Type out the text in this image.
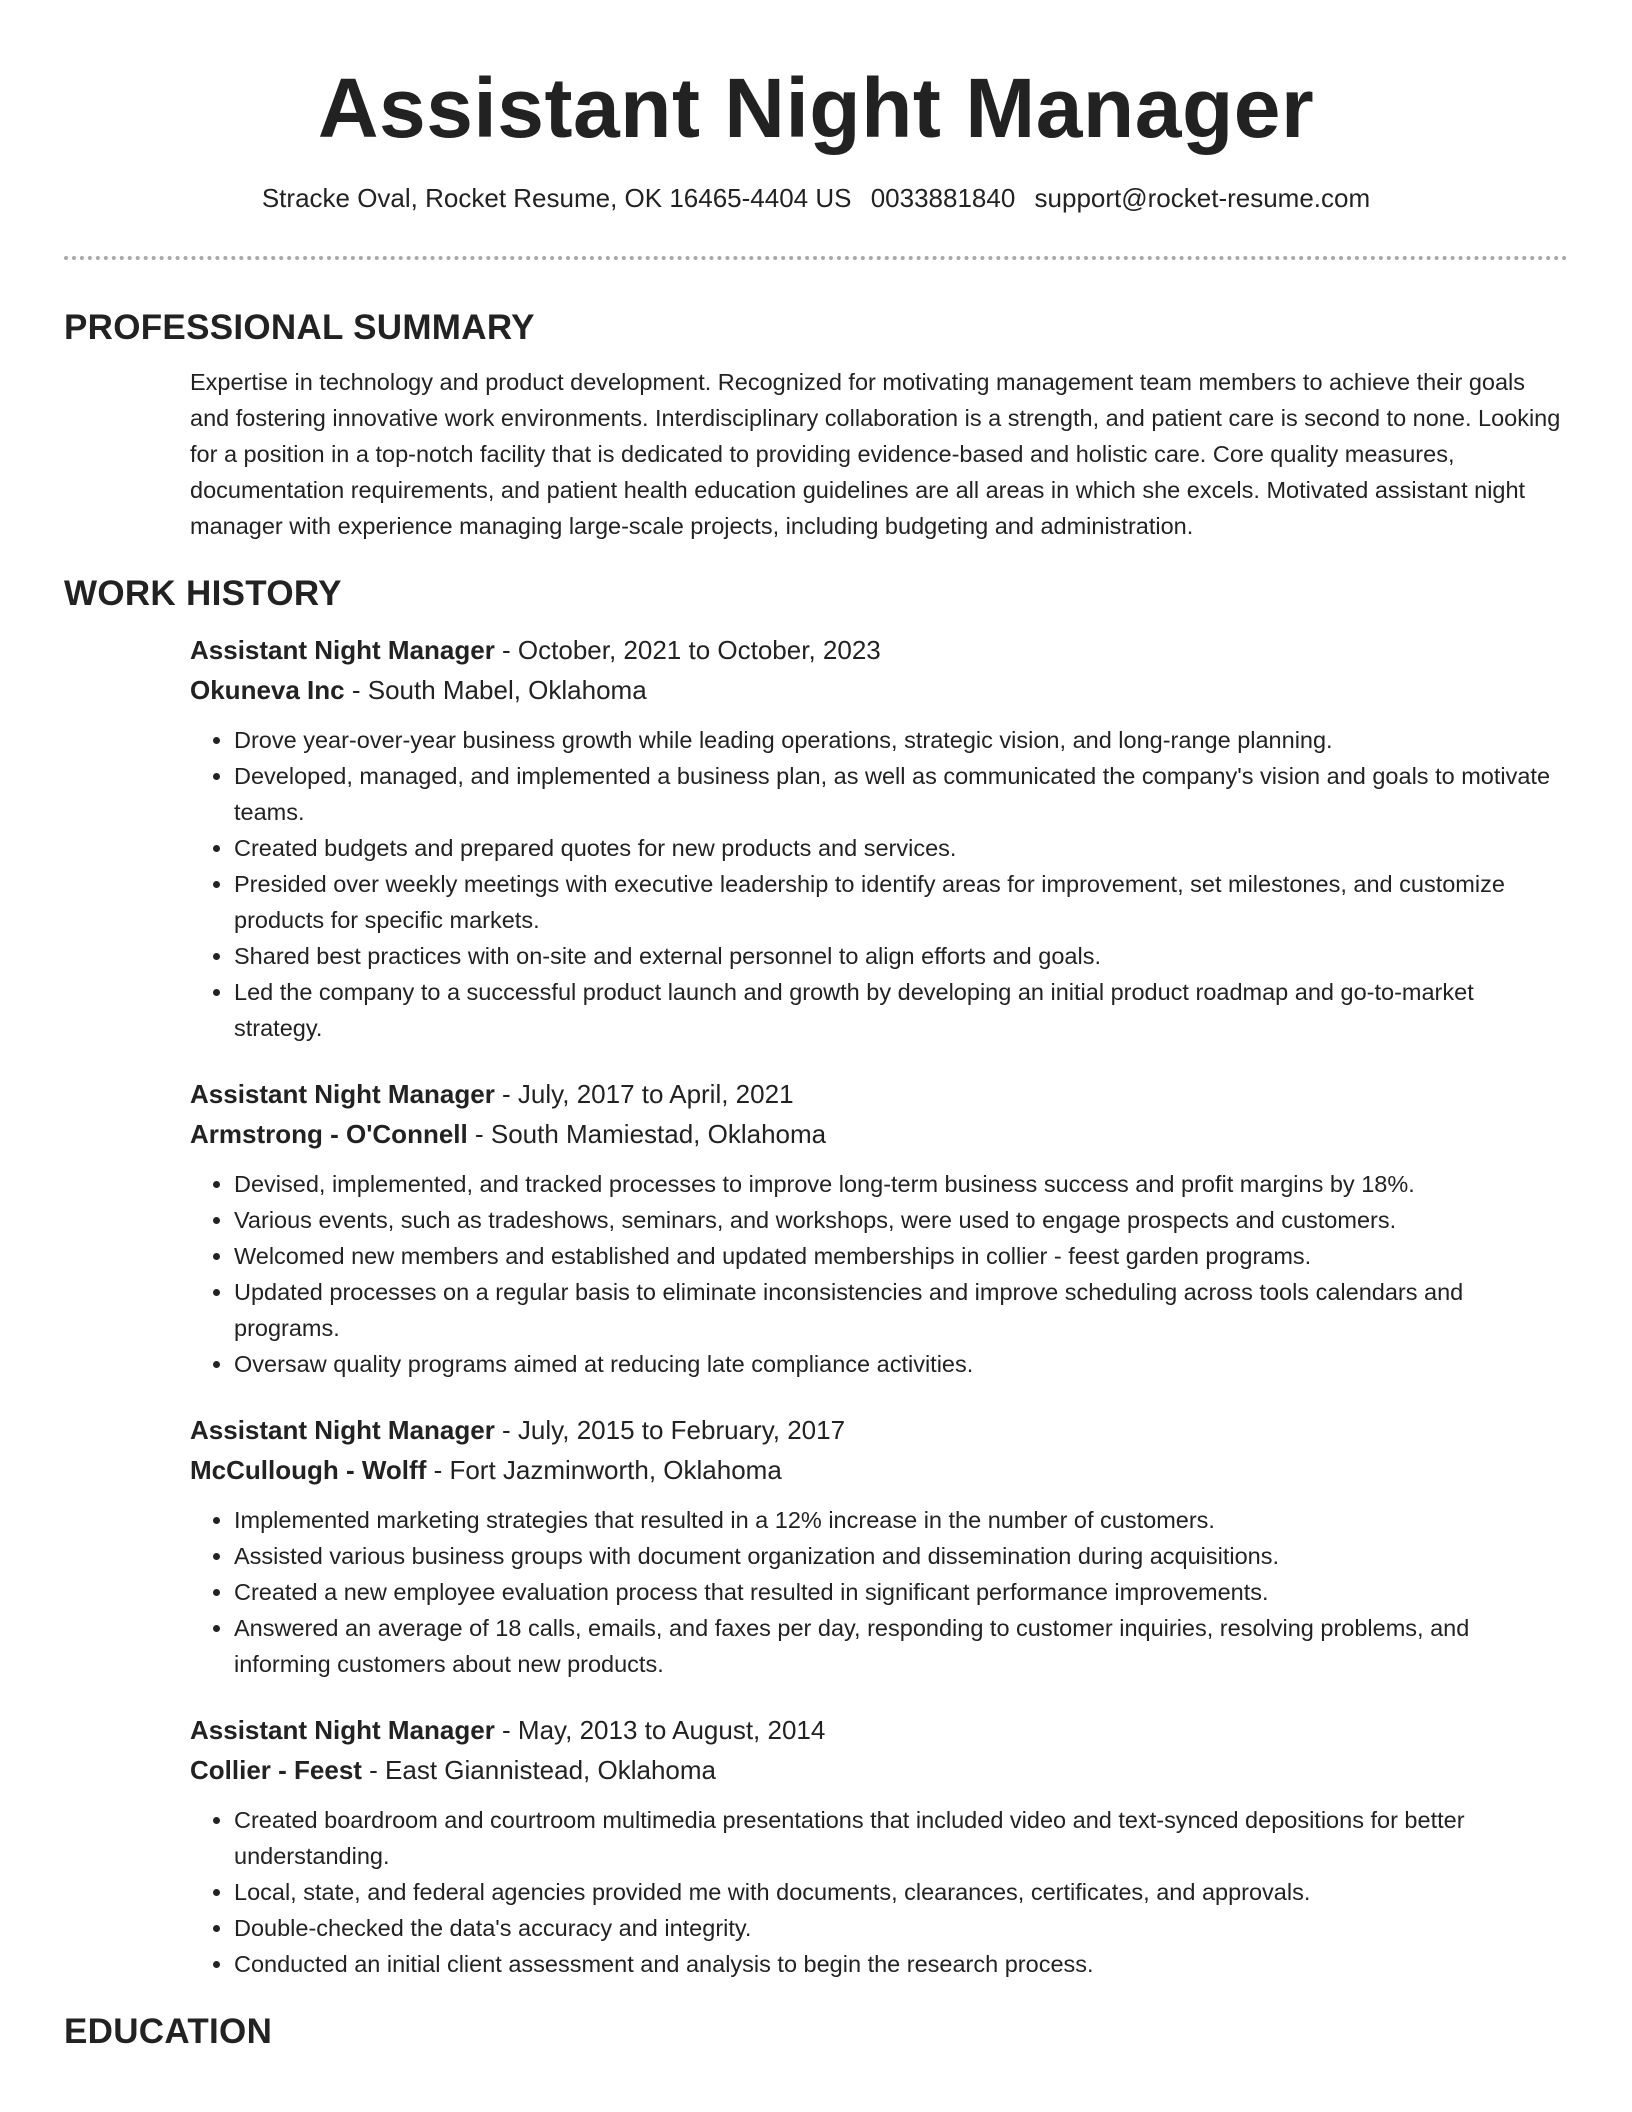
Assistant Night Manager
Stracke Oval, Rocket Resume, OK 16465-4404 US 0033881840 support@rocket-resume.com
PROFESSIONAL SUMMARY

Expertise in technology and product development. Recognized for motivating management team members to achieve their goals and fostering innovative work environments. Interdisciplinary collaboration is a strength, and patient care is second to none. Looking for a position in a top-notch facility that is dedicated to providing evidence-based and holistic care. Core quality measures, documentation requirements, and patient health education guidelines are all areas in which she excels. Motivated assistant night manager with experience managing large-scale projects, including budgeting and administration.

WORK HISTORY
Assistant Night Manager - October, 2021 to October, 2023
Okuneva Inc - South Mabel, Oklahoma
• Drove year-over-year business growth while leading operations, strategic vision, and long-range planning.
• Developed, managed, and implemented a business plan, as well as communicated the company's vision and goals to motivate teams.
• Created budgets and prepared quotes for new products and services.
• Presided over weekly meetings with executive leadership to identify areas for improvement, set milestones, and customize products for specific markets.
• Shared best practices with on-site and external personnel to align efforts and goals.
• Led the company to a successful product launch and growth by developing an initial product roadmap and go-to-market strategy.
Assistant Night Manager - July, 2017 to April, 2021
Armstrong - O'Connell - South Mamiestad, Oklahoma
• Devised, implemented, and tracked processes to improve long-term business success and profit margins by 18%.
• Various events, such as tradeshows, seminars, and workshops, were used to engage prospects and customers.
• Welcomed new members and established and updated memberships in collier - feest garden programs.
• Updated processes on a regular basis to eliminate inconsistencies and improve scheduling across tools calendars and programs.
• Oversaw quality programs aimed at reducing late compliance activities.
Assistant Night Manager - July, 2015 to February, 2017
McCullough - Wolff - Fort Jazminworth, Oklahoma
• Implemented marketing strategies that resulted in a 12% increase in the number of customers.
• Assisted various business groups with document organization and dissemination during acquisitions.
• Created a new employee evaluation process that resulted in significant performance improvements.
• Answered an average of 18 calls, emails, and faxes per day, responding to customer inquiries, resolving problems, and informing customers about new products.
Assistant Night Manager - May, 2013 to August, 2014
Collier - Feest - East Giannistead, Oklahoma
• Created boardroom and courtroom multimedia presentations that included video and text-synced depositions for better understanding.
• Local, state, and federal agencies provided me with documents, clearances, certificates, and approvals.
• Double-checked the data's accuracy and integrity.
• Conducted an initial client assessment and analysis to begin the research process.
EDUCATION
